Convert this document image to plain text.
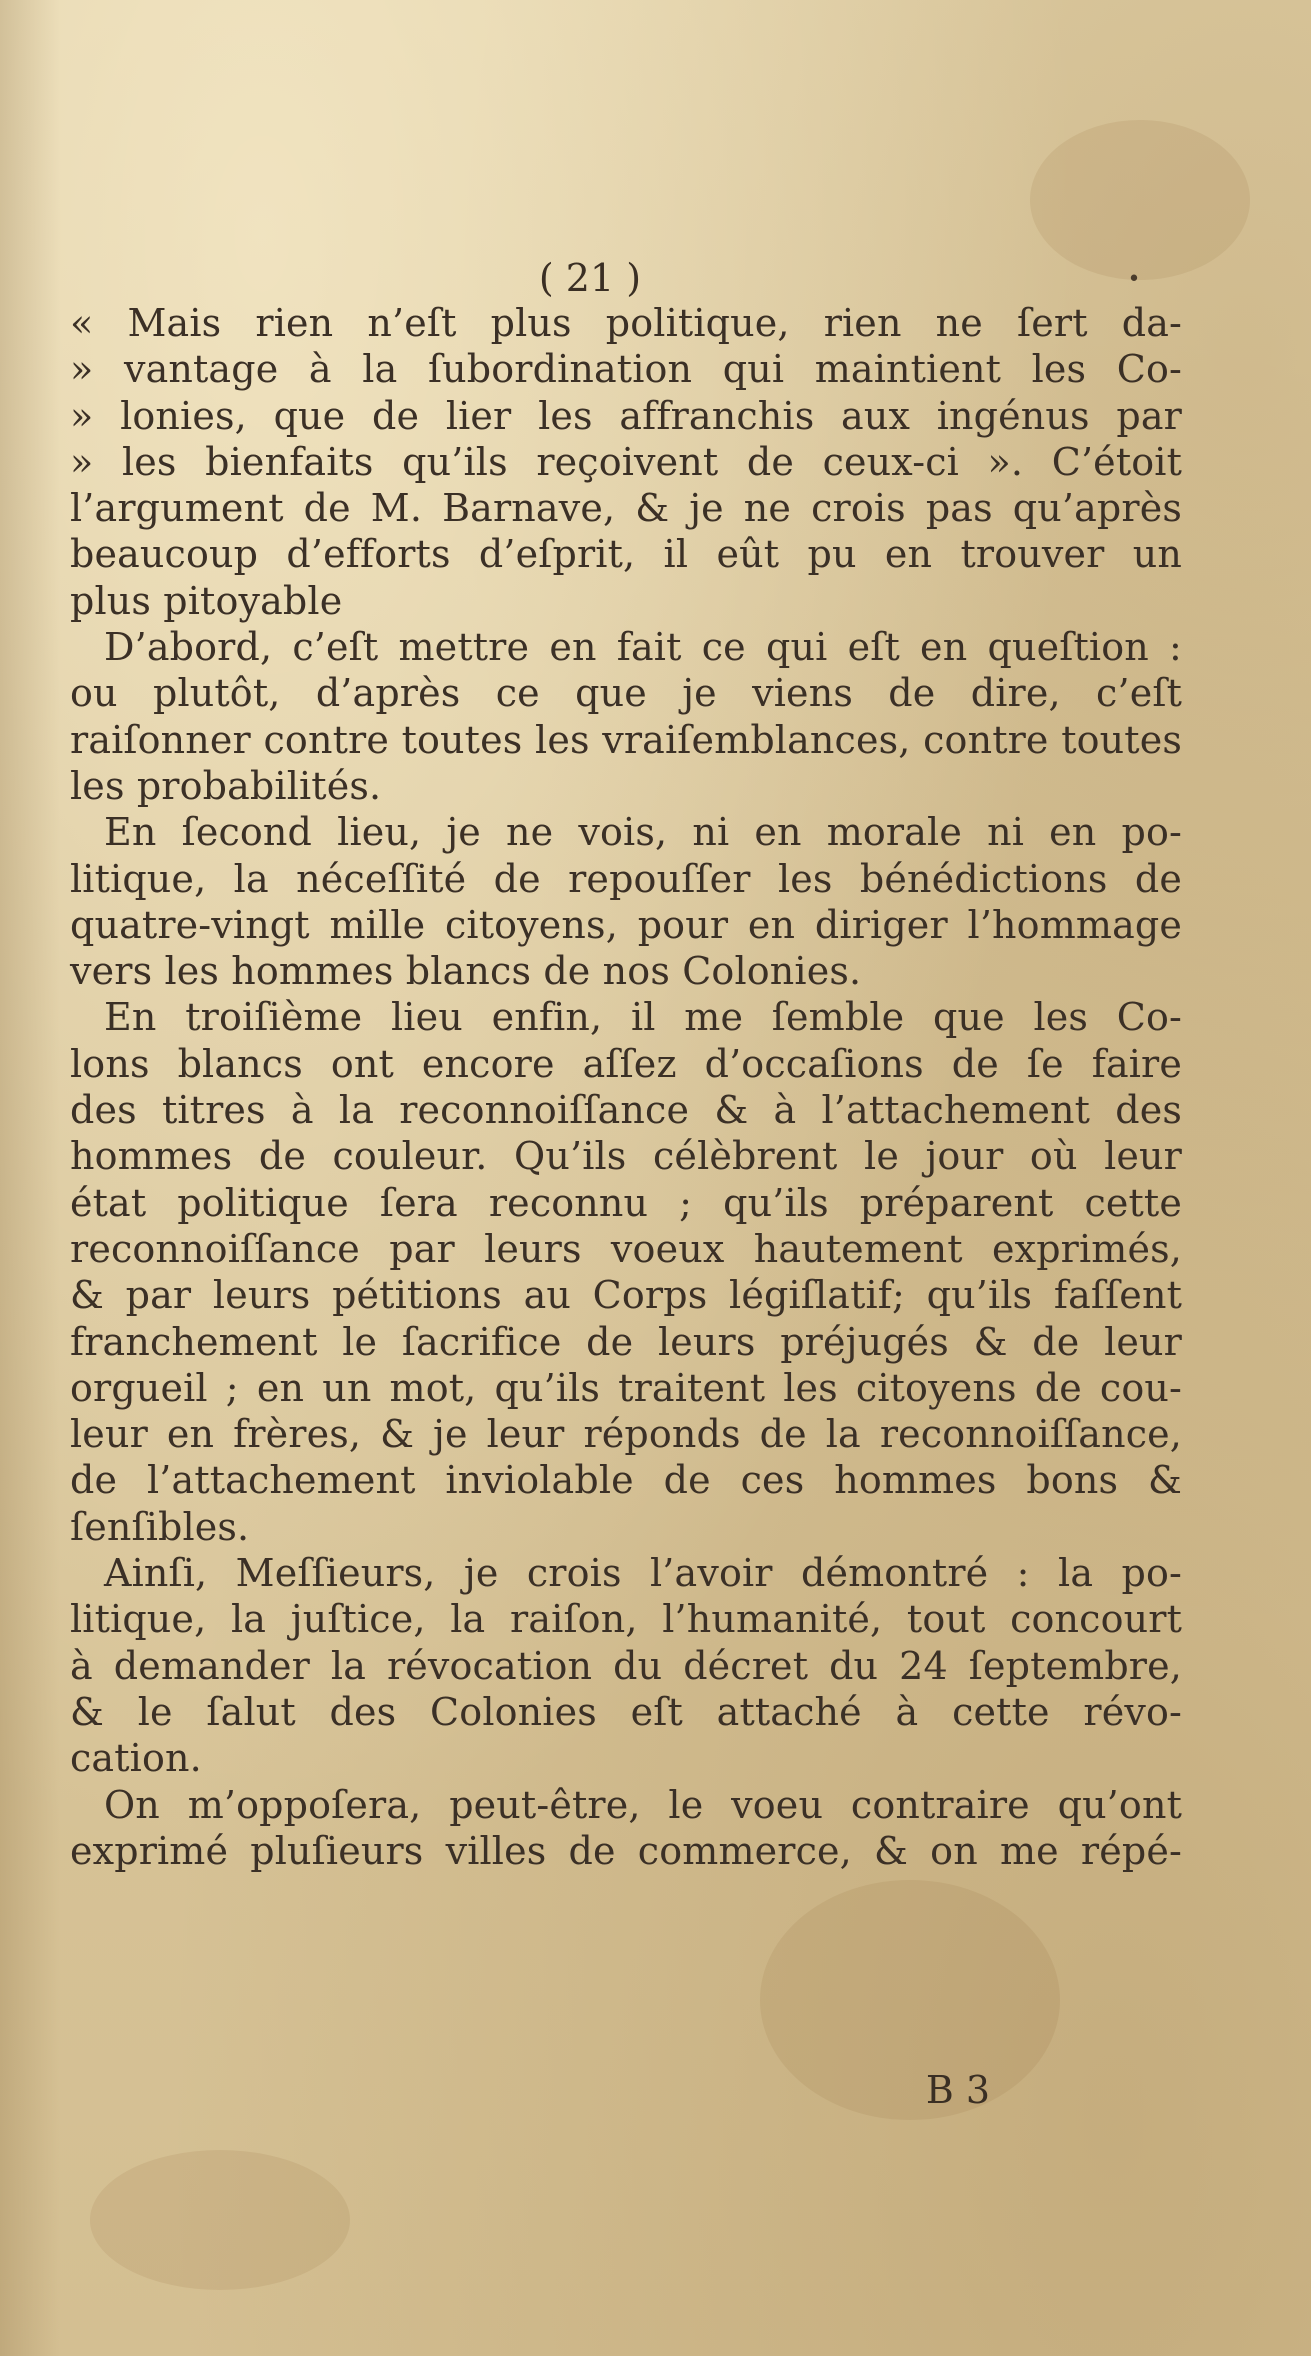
( 21 )	•
« Mais rien n’eſt plus politique, rien ne ſert da-
» vantage à la ſubordination qui maintient les Co-
» lonies, que de lier les affranchis aux ingénus par
» les bienfaits qu’ils reçoivent de ceux-ci ». C’étoit
l’argument de M. Barnave, & je ne crois pas qu’après
beaucoup d’efforts d’eſprit, il eût pu en trouver un
plus pitoyable
D’abord, c’eſt mettre en fait ce qui eſt en queſtion :
ou plutôt, d’après ce que je viens de dire, c’eſt
raiſonner contre toutes les vraiſemblances, contre toutes
les probabilités.
En ſecond lieu, je ne vois, ni en morale ni en po-
litique, la néceſſité de repouſſer les bénédictions de
quatre-vingt mille citoyens, pour en diriger l’hommage
vers les hommes blancs de nos Colonies.
En troiſième lieu enfin, il me ſemble que les Co-
lons blancs ont encore aſſez d’occaſions de ſe faire
des titres à la reconnoiſſance & à l’attachement des
hommes de couleur. Qu’ils célèbrent le jour où leur
état politique ſera reconnu ; qu’ils préparent cette
reconnoiſſance par leurs voeux hautement exprimés,
& par leurs pétitions au Corps légiſlatif; qu’ils faſſent
franchement le ſacrifice de leurs préjugés & de leur
orgueil ; en un mot, qu’ils traitent les citoyens de cou-
leur en frères, & je leur réponds de la reconnoiſſance,
de l’attachement inviolable de ces hommes bons &
ſenſibles.
Ainſi, Meſſieurs, je crois l’avoir démontré : la po-
litique, la juſtice, la raiſon, l’humanité, tout concourt
à demander la révocation du décret du 24 ſeptembre,
& le ſalut des Colonies eſt attaché à cette révo-
cation.
On m’oppoſera, peut-être, le voeu contraire qu’ont
exprimé pluſieurs villes de commerce, & on me répé-
B 3
